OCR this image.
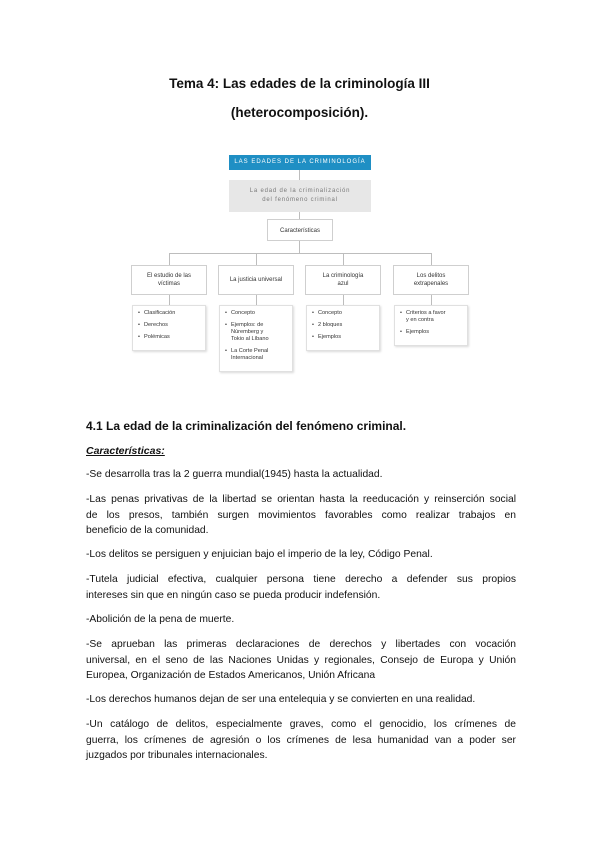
Tema 4: Las edades de la criminología III
(heterocomposición).
LAS EDADES DE LA CRIMINOLOGÍA
La edad de la criminalización
del fenómeno criminal
Características
El estudio de las
víctimas
• Clasificación
• Derechos
• Polémicas
La justicia universal
• Concepto
• Ejemplos: de
Núremberg y
Tokio al Líbano
• La Corte Penal
Internacional
La criminología
azul
• Concepto
• 2 bloques
• Ejemplos
Los delitos
extrapenales
• Criterios a favor
y en contra
• Ejemplos
4.1 La edad de la criminalización del fenómeno criminal.
Características:
-Se desarrolla tras la 2 guerra mundial(1945) hasta la actualidad.
-Las penas privativas de la libertad se orientan hasta la reeducación y reinserción social
de los presos, también surgen movimientos favorables como realizar trabajos en
beneficio de la comunidad.
-Los delitos se persiguen y enjuician bajo el imperio de la ley, Código Penal.
-Tutela judicial efectiva, cualquier persona tiene derecho a defender sus propios
intereses sin que en ningún caso se pueda producir indefensión.
-Abolición de la pena de muerte.
-Se aprueban las primeras declaraciones de derechos y libertades con vocación
universal, en el seno de las Naciones Unidas y regionales, Consejo de Europa y Unión
Europea, Organización de Estados Americanos, Unión Africana
-Los derechos humanos dejan de ser una entelequia y se convierten en una realidad.
-Un catálogo de delitos, especialmente graves, como el genocidio, los crímenes de
guerra, los crímenes de agresión o los crímenes de lesa humanidad van a poder ser
juzgados por tribunales internacionales.
